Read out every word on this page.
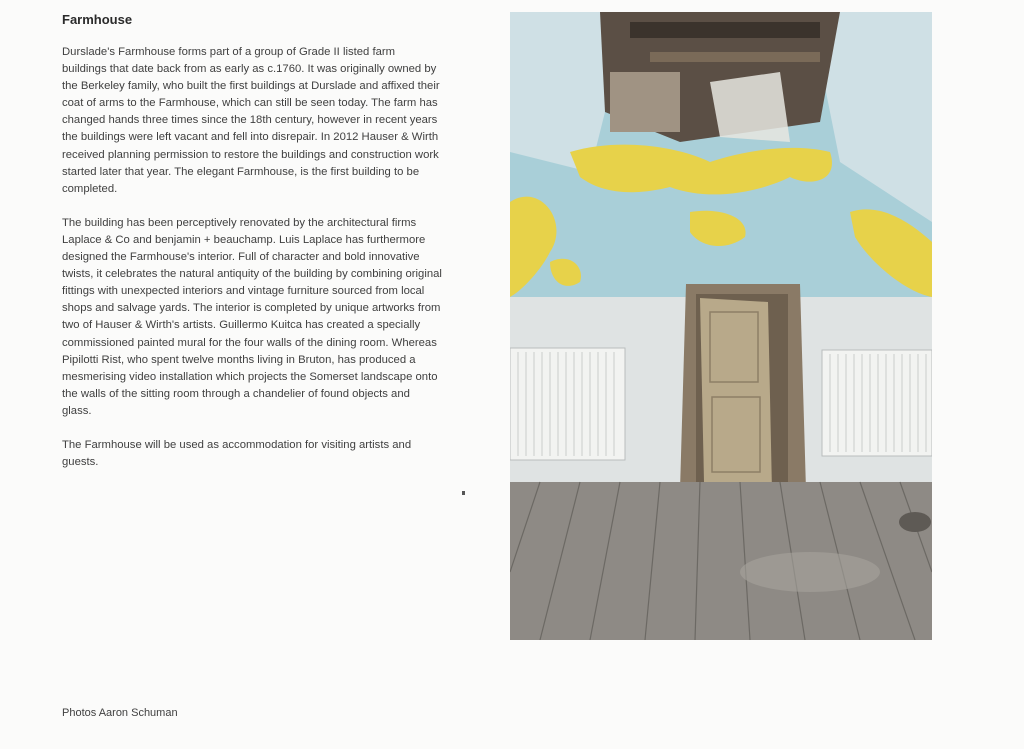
Farmhouse

Durslade's Farmhouse forms part of a group of Grade II listed farm buildings that date back from as early as c.1760. It was originally owned by the Berkeley family, who built the first buildings at Durslade and affixed their coat of arms to the Farmhouse, which can still be seen today. The farm has changed hands three times since the 18th century, however in recent years the buildings were left vacant and fell into disrepair. In 2012 Hauser & Wirth received planning permission to restore the buildings and construction work started later that year. The elegant Farmhouse, is the first building to be completed.

The building has been perceptively renovated by the architectural firms Laplace & Co and benjamin + beauchamp. Luis Laplace has furthermore designed the Farmhouse's interior. Full of character and bold innovative twists, it celebrates the natural antiquity of the building by combining original fittings with unexpected interiors and vintage furniture sourced from local shops and salvage yards. The interior is completed by unique artworks from two of Hauser & Wirth's artists. Guillermo Kuitca has created a specially commissioned painted mural for the four walls of the dining room. Whereas Pipilotti Rist, who spent twelve months living in Bruton, has produced a mesmerising video installation which projects the Somerset landscape onto the walls of the sitting room through a chandelier of found objects and glass.

The Farmhouse will be used as accommodation for visiting artists and guests.

Photos Aaron Schuman
